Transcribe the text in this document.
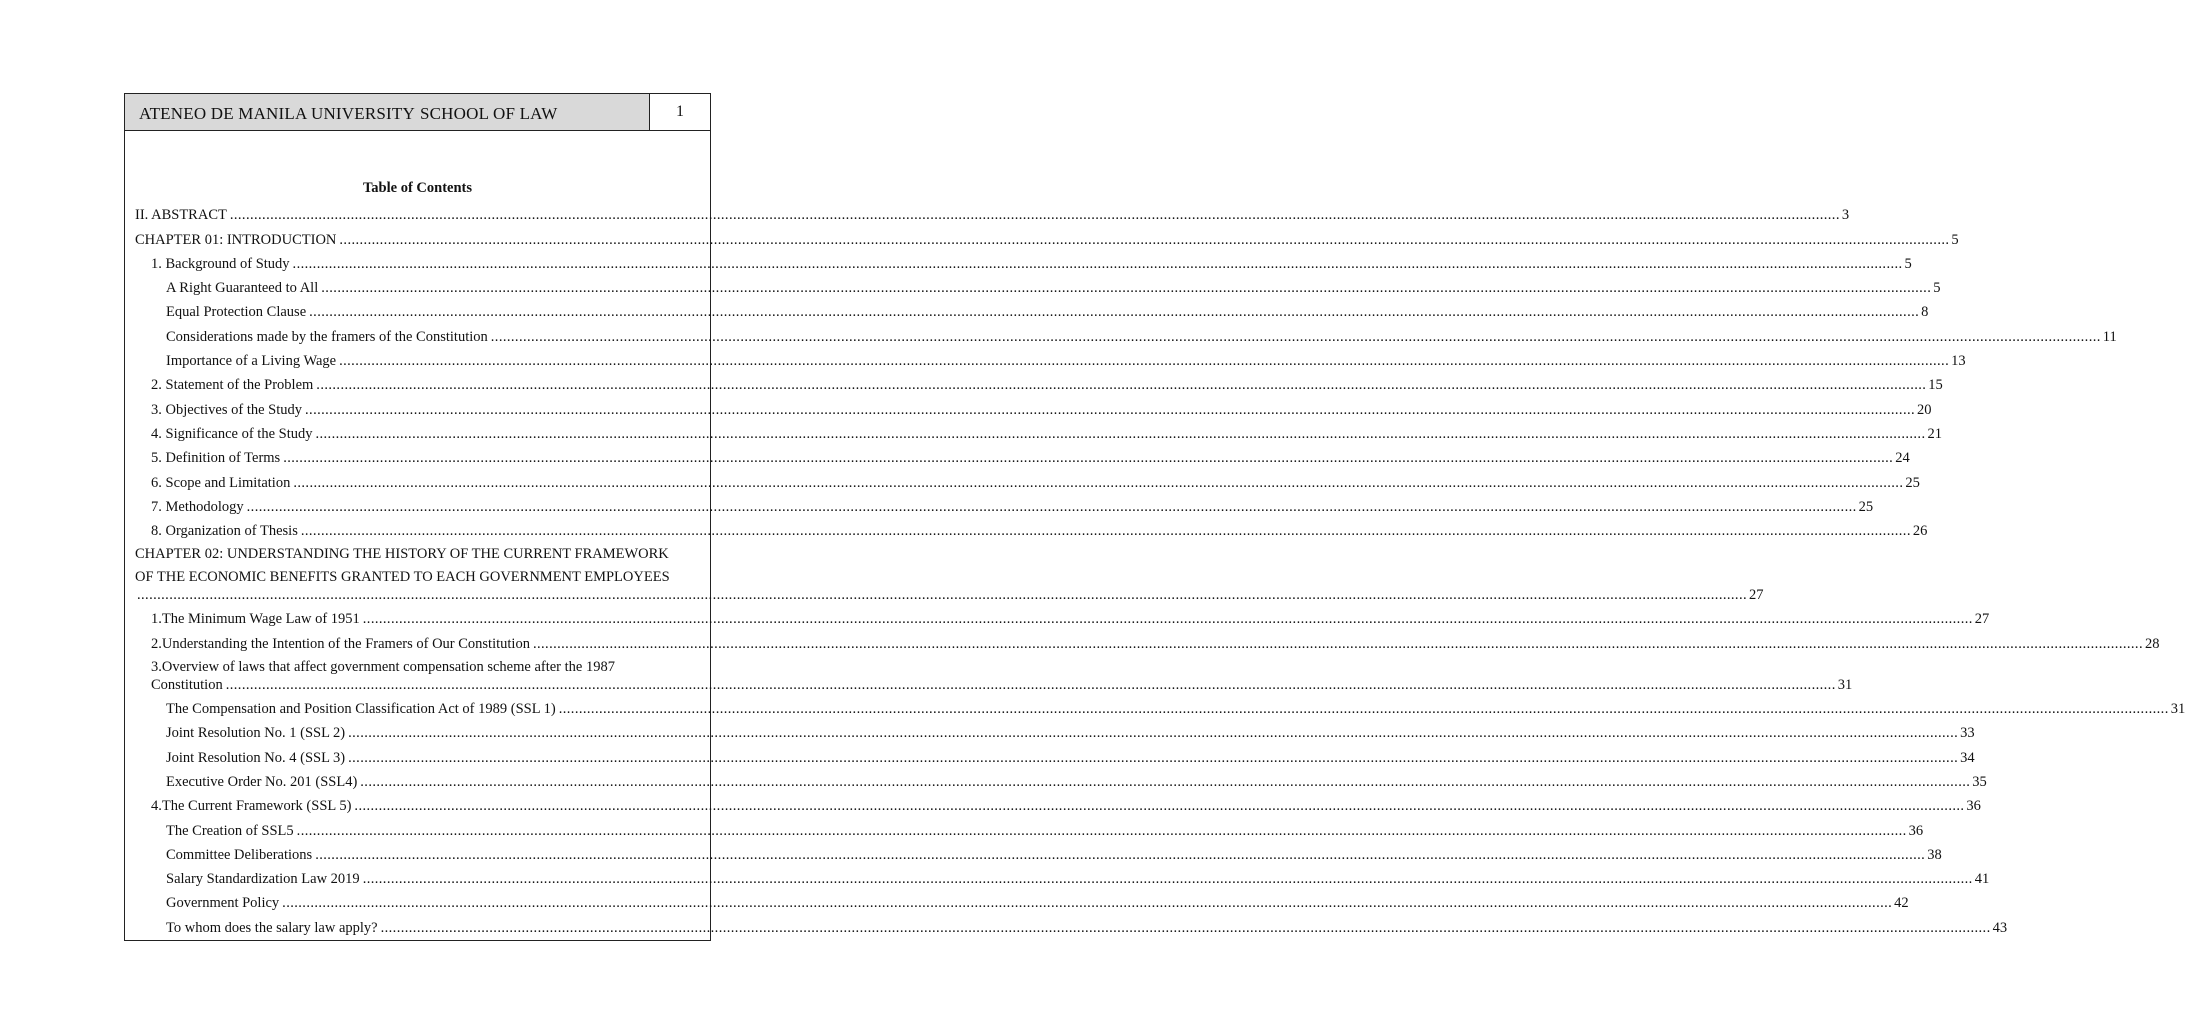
ATENEO DE MANILA UNIVERSITY SCHOOL OF LAW	1
Table of Contents
II. ABSTRACT ................................................................................................................................................................................................................................................................................................................................................................................................................ 3
CHAPTER 01: INTRODUCTION ................................................................................................................................................................................................................................................................................................................................................................................................................ 5
1. Background of Study ................................................................................................................................................................................................................................................................................................................................................................................................................ 5
A Right Guaranteed to All ................................................................................................................................................................................................................................................................................................................................................................................................................ 5
Equal Protection Clause ................................................................................................................................................................................................................................................................................................................................................................................................................ 8
Considerations made by the framers of the Constitution ................................................................................................................................................................................................................................................................................................................................................................................................................ 11
Importance of a Living Wage ................................................................................................................................................................................................................................................................................................................................................................................................................ 13
2. Statement of the Problem ................................................................................................................................................................................................................................................................................................................................................................................................................ 15
3. Objectives of the Study ................................................................................................................................................................................................................................................................................................................................................................................................................ 20
4. Significance of the Study ................................................................................................................................................................................................................................................................................................................................................................................................................ 21
5. Definition of Terms ................................................................................................................................................................................................................................................................................................................................................................................................................ 24
6. Scope and Limitation ................................................................................................................................................................................................................................................................................................................................................................................................................ 25
7. Methodology ................................................................................................................................................................................................................................................................................................................................................................................................................ 25
8. Organization of Thesis ................................................................................................................................................................................................................................................................................................................................................................................................................ 26
CHAPTER 02: UNDERSTANDING THE HISTORY OF THE CURRENT FRAMEWORK
OF THE ECONOMIC BENEFITS GRANTED TO EACH GOVERNMENT EMPLOYEES
................................................................................................................................................................................................................................................................................................................................................................................................................ 27
1.The Minimum Wage Law of 1951 ................................................................................................................................................................................................................................................................................................................................................................................................................ 27
2.Understanding the Intention of the Framers of Our Constitution ................................................................................................................................................................................................................................................................................................................................................................................................................ 28
3.Overview of laws that affect government compensation scheme after the 1987
Constitution ................................................................................................................................................................................................................................................................................................................................................................................................................ 31
The Compensation and Position Classification Act of 1989 (SSL 1) ................................................................................................................................................................................................................................................................................................................................................................................................................ 31
Joint Resolution No. 1 (SSL 2) ................................................................................................................................................................................................................................................................................................................................................................................................................ 33
Joint Resolution No. 4 (SSL 3) ................................................................................................................................................................................................................................................................................................................................................................................................................ 34
Executive Order No. 201 (SSL4) ................................................................................................................................................................................................................................................................................................................................................................................................................ 35
4.The Current Framework (SSL 5) ................................................................................................................................................................................................................................................................................................................................................................................................................ 36
The Creation of SSL5 ................................................................................................................................................................................................................................................................................................................................................................................................................ 36
Committee Deliberations ................................................................................................................................................................................................................................................................................................................................................................................................................ 38
Salary Standardization Law 2019 ................................................................................................................................................................................................................................................................................................................................................................................................................ 41
Government Policy ................................................................................................................................................................................................................................................................................................................................................................................................................ 42
To whom does the salary law apply? ................................................................................................................................................................................................................................................................................................................................................................................................................ 43
